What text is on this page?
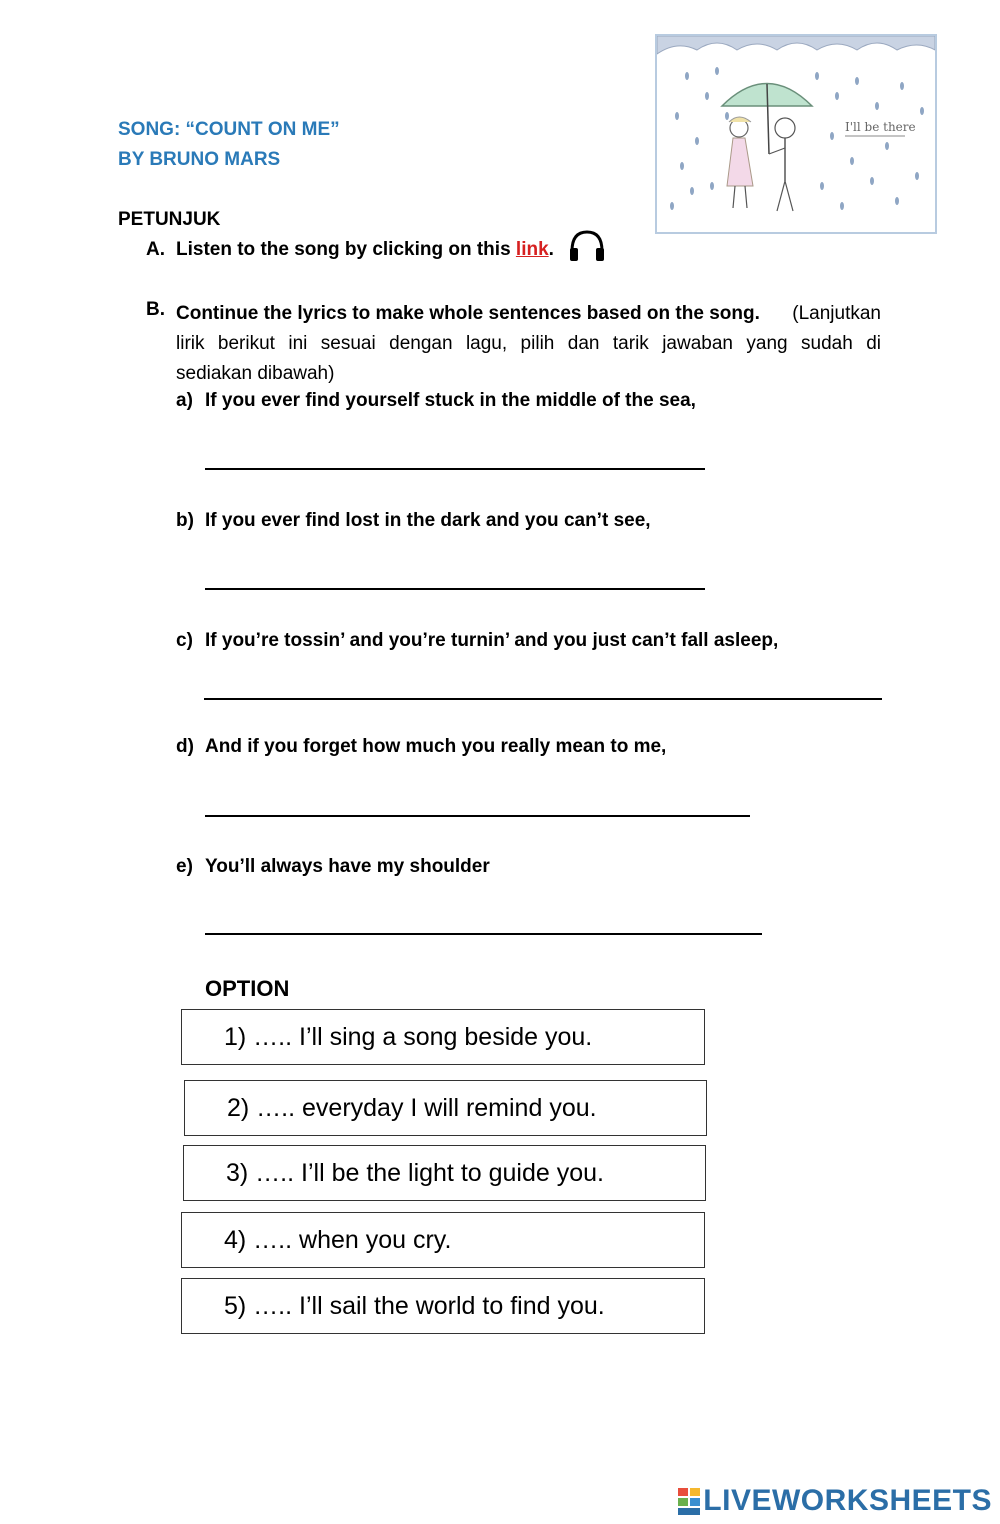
SONG: “COUNT ON ME”
BY BRUNO MARS
I'll be there
PETUNJUK
A. Listen to the song by clicking on this link.
B. Continue the lyrics to make whole sentences based on the song. (Lanjutkan
lirik berikut ini sesuai dengan lagu, pilih dan tarik jawaban yang sudah di
sediakan dibawah)
a) If you ever find yourself stuck in the middle of the sea,
b) If you ever find lost in the dark and you can’t see,
c) If you’re tossin’ and you’re turnin’ and you just can’t fall asleep,
d) And if you forget how much you really mean to me,
e) You’ll always have my shoulder
OPTION
1) ….. I’ll sing a song beside you.
2) ….. everyday I will remind you.
3) ….. I’ll be the light to guide you.
4) ….. when you cry.
5) ….. I’ll sail the world to find you.
LIVEWORKSHEETS
